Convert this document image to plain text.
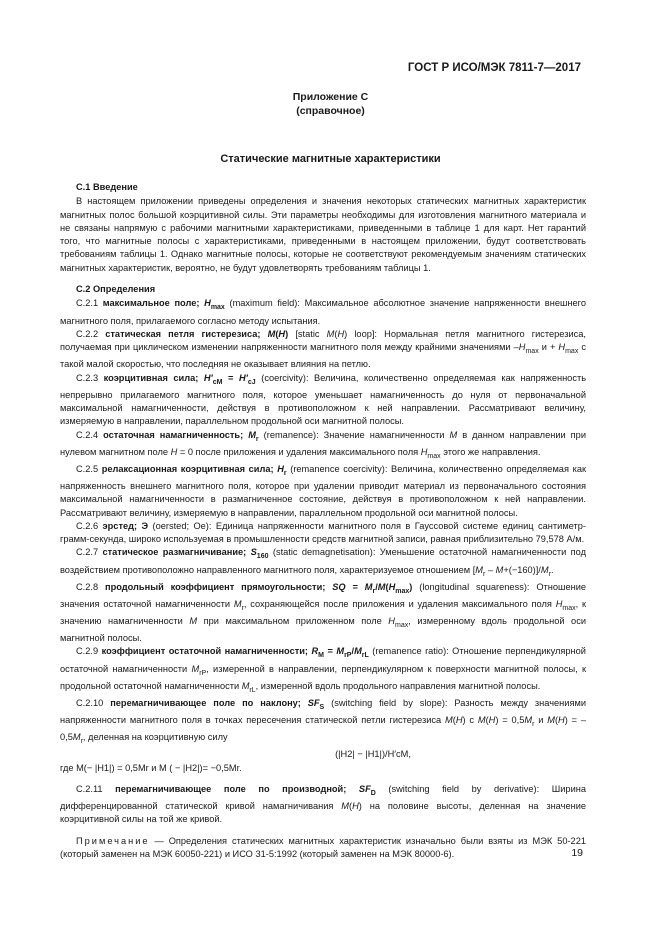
ГОСТ Р ИСО/МЭК 7811-7—2017
Приложение С
(справочное)
Статические магнитные характеристики
С.1 Введение

В настоящем приложении приведены определения и значения некоторых статических магнитных характеристик магнитных полос большой коэрцитивной силы. Эти параметры необходимы для изготовления магнитного материала и не связаны напрямую с рабочими магнитными характеристиками, приведенными в таблице 1 для карт. Нет гарантий того, что магнитные полосы с характеристиками, приведенными в настоящем приложении, будут соответствовать требованиям таблицы 1. Однако магнитные полосы, которые не соответствуют рекомендуемым значениям статических магнитных характеристик, вероятно, не будут удовлетворять требованиям таблицы 1.

С.2 Определения

С.2.1 максимальное поле; $H_{max}$ (maximum field): Максимальное абсолютное значение напряженности внешнего магнитного поля, прилагаемого согласно методу испытания.

С.2.2 статическая петля гистерезиса; M(H) [static M(H) loop]: Нормальная петля магнитного гистерезиса, получаемая при циклическом изменении напряженности магнитного поля между крайними значениями $-H_{max}$ $и + H_{max}$ с такой малой скоростью, что последняя не оказывает влияния на петлю.

С.2.3 коэрцитивная сила; $H'_{cM} = H'_{cJ}$ (coercivity): Величина, количественно определяемая как напряженность непрерывно прилагаемого магнитного поля, которое уменьшает намагниченность до нуля от первоначальной максимальной намагниченности, действуя в противоположном к ней направлении. Рассматривают величину, измеряемую в направлении, параллельном продольной оси магнитной полосы.

С.2.4 остаточная намагниченность; $M_r$ (remanence): Значение намагниченности M в данном направлении при нулевом магнитном поле H = 0 после приложения и удаления максимального поля $H_{max}$ этого же направления.

С.2.5 релаксационная коэрцитивная сила; $H_r$ (remanence coercivity): Величина, количественно определяемая как напряженность внешнего магнитного поля, которое при удалении приводит материал из первоначального состояния максимальной намагниченности в размагниченное состояние, действуя в противоположном к ней направлении. Рассматривают величину, измеряемую в направлении, параллельном продольной оси магнитной полосы.

С.2.6 эрстед; Э (oersted; Oe): Единица напряженности магнитного поля в Гауссовой системе единиц сантиметр-грамм-секунда, широко используемая в промышленности средств магнитной записи, равная приблизительно 79,578 А/м.

С.2.7 статическое размагничивание; $S_{160}$ (static demagnetisation): Уменьшение остаточной намагниченности под воздействием противоположно направленного магнитного поля, характеризуемое отношением $[M_r - M+(-160)]/M_r$.

С.2.8 продольный коэффициент прямоугольности; SQ = $M_r/M(H_{max})$ (longitudinal squareness): Отношение значения остаточной намагниченности $M_r$, сохраняющейся после приложения и удаления максимального поля $H_{max}$, к значению намагниченности M при максимальном приложенном поле $H_{max}$, измеренному вдоль продольной оси магнитной полосы.

С.2.9 коэффициент остаточной намагниченности; $R_M = M_{rP}/M_{rL}$ (remanence ratio): Отношение перпендикулярной остаточной намагниченности $M_{rP}$, измеренной в направлении, перпендикулярном к поверхности магнитной полосы, к продольной остаточной намагниченности $M_{rL}$, измеренной вдоль продольного направления магнитной полосы.

С.2.10 перемагничивающее поле по наклону; $SF_S$ (switching field by slope): Разность между значениями напряженности магнитного поля в точках пересечения статической петли гистерезиса M(H) с $M(H) = 0,5M_r$ и $M(H) = -0,5M_r$, деленная на коэрцитивную силу

(|H2| − |H1|)/H′cM,

где M(− |H1|) = 0,5Mr и M ( − |H2|)= −0,5Mr.

С.2.11 перемагничивающее поле по производной; $SF_D$ (switching field by derivative): Ширина дифференцированной статической кривой намагничивания M(H) на половине высоты, деленная на значение коэрцитивной силы на той же кривой.

Примечание — Определения статических магнитных характеристик изначально были взяты из МЭК 50-221 (который заменен на МЭК 60050-221) и ИСО 31-5:1992 (который заменен на МЭК 80000-6).	19
